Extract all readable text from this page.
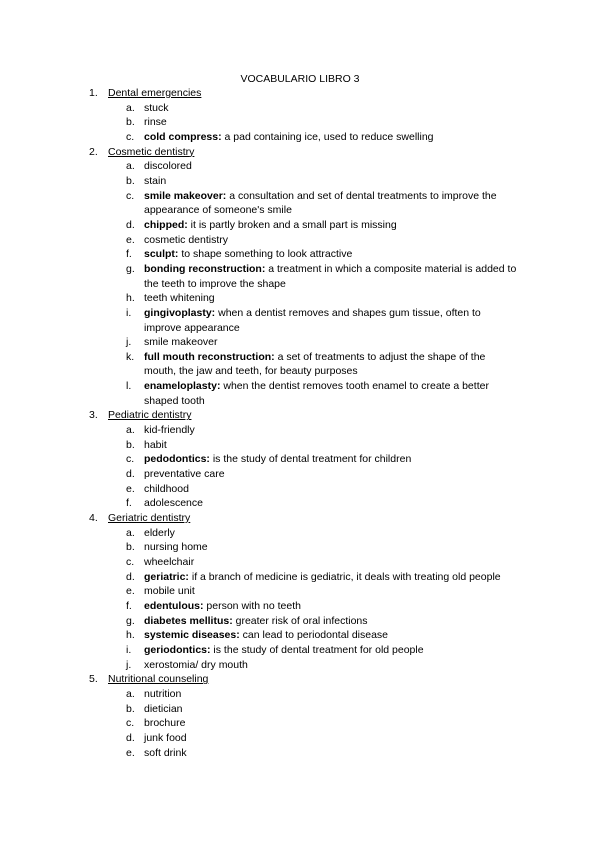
VOCABULARIO LIBRO 3
1. Dental emergencies
a. stuck
b. rinse
c. cold compress: a pad containing ice, used to reduce swelling
2. Cosmetic dentistry
a. discolored
b. stain
c. smile makeover: a consultation and set of dental treatments to improve the appearance of someone's smile
d. chipped: it is partly broken and a small part is missing
e. cosmetic dentistry
f. sculpt: to shape something to look attractive
g. bonding reconstruction: a treatment in which a composite material is added to the teeth to improve the shape
h. teeth whitening
i. gingivoplasty: when a dentist removes and shapes gum tissue, often to improve appearance
j. smile makeover
k. full mouth reconstruction: a set of treatments to adjust the shape of the mouth, the jaw and teeth, for beauty purposes
l. enameloplasty: when the dentist removes tooth enamel to create a better shaped tooth
3. Pediatric dentistry
a. kid-friendly
b. habit
c. pedodontics: is the study of dental treatment for children
d. preventative care
e. childhood
f. adolescence
4. Geriatric dentistry
a. elderly
b. nursing home
c. wheelchair
d. geriatric: if a branch of medicine is gediatric, it deals with treating old people
e. mobile unit
f. edentulous: person with no teeth
g. diabetes mellitus: greater risk of oral infections
h. systemic diseases: can lead to periodontal disease
i. geriodontics: is the study of dental treatment for old people
j. xerostomia/ dry mouth
5. Nutritional counseling
a. nutrition
b. dietician
c. brochure
d. junk food
e. soft drink
